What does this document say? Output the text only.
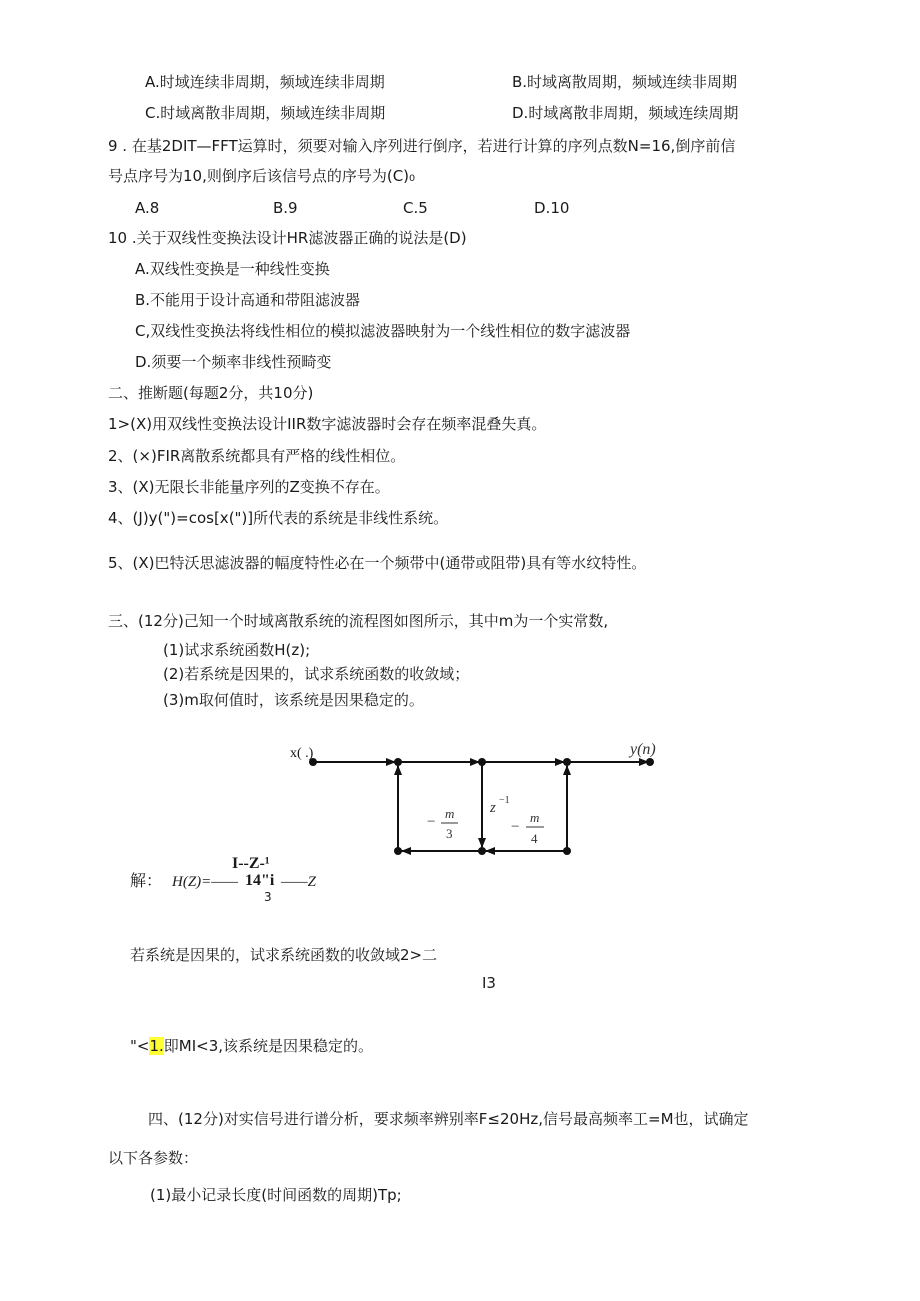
A.时域连续非周期，频域连续非周期	B.时域离散周期，频域连续非周期
C.时域离散非周期，频域连续非周期	D.时域离散非周期，频域连续周期
9 . 在基2DIT—FFT运算时，须要对输入序列进行倒序，若进行计算的序列点数N=16,倒序前信
号点序号为10,则倒序后该信号点的序号为(C)₀
A.8	B.9	C.5	D.10
10 .关于双线性变换法设计HR滤波器正确的说法是(D)
A.双线性变换是一种线性变换
B.不能用于设计高通和带阻滤波器
C,双线性变换法将线性相位的模拟滤波器映射为一个线性相位的数字滤波器
D.须要一个频率非线性预畸变
二、推断题(每题2分，共10分)
1>(X)用双线性变换法设计IIR数字滤波器时会存在频率混叠失真。
2、(×)FIR离散系统都具有严格的线性相位。
3、(X)无限长非能量序列的Z变换不存在。
4、(J)y(")=cos[x(")]所代表的系统是非线性系统。
5、(X)巴特沃思滤波器的幅度特性必在一个频带中(通带或阻带)具有等水纹特性。
三、(12分)己知一个时域离散系统的流程图如图所示，其中m为一个实常数,
(1)试求系统函数H(z);
(2)若系统是因果的，试求系统函数的收敛域；
(3)m取何值时，该系统是因果稳定的。
x( .)	y(n)
z −1
−
m
3	−
m
4
I--Z-¹
解： H(Z)=—— 14"i ——Z
3
若系统是因果的，试求系统函数的收敛域2>二
I3
"<1.即MI<3,该系统是因果稳定的。
四、(12分)对实信号进行谱分析，要求频率辨别率F≤20Hz,信号最高频率工=M也，试确定
以下各参数：
(1)最小记录长度(时间函数的周期)Tp;
